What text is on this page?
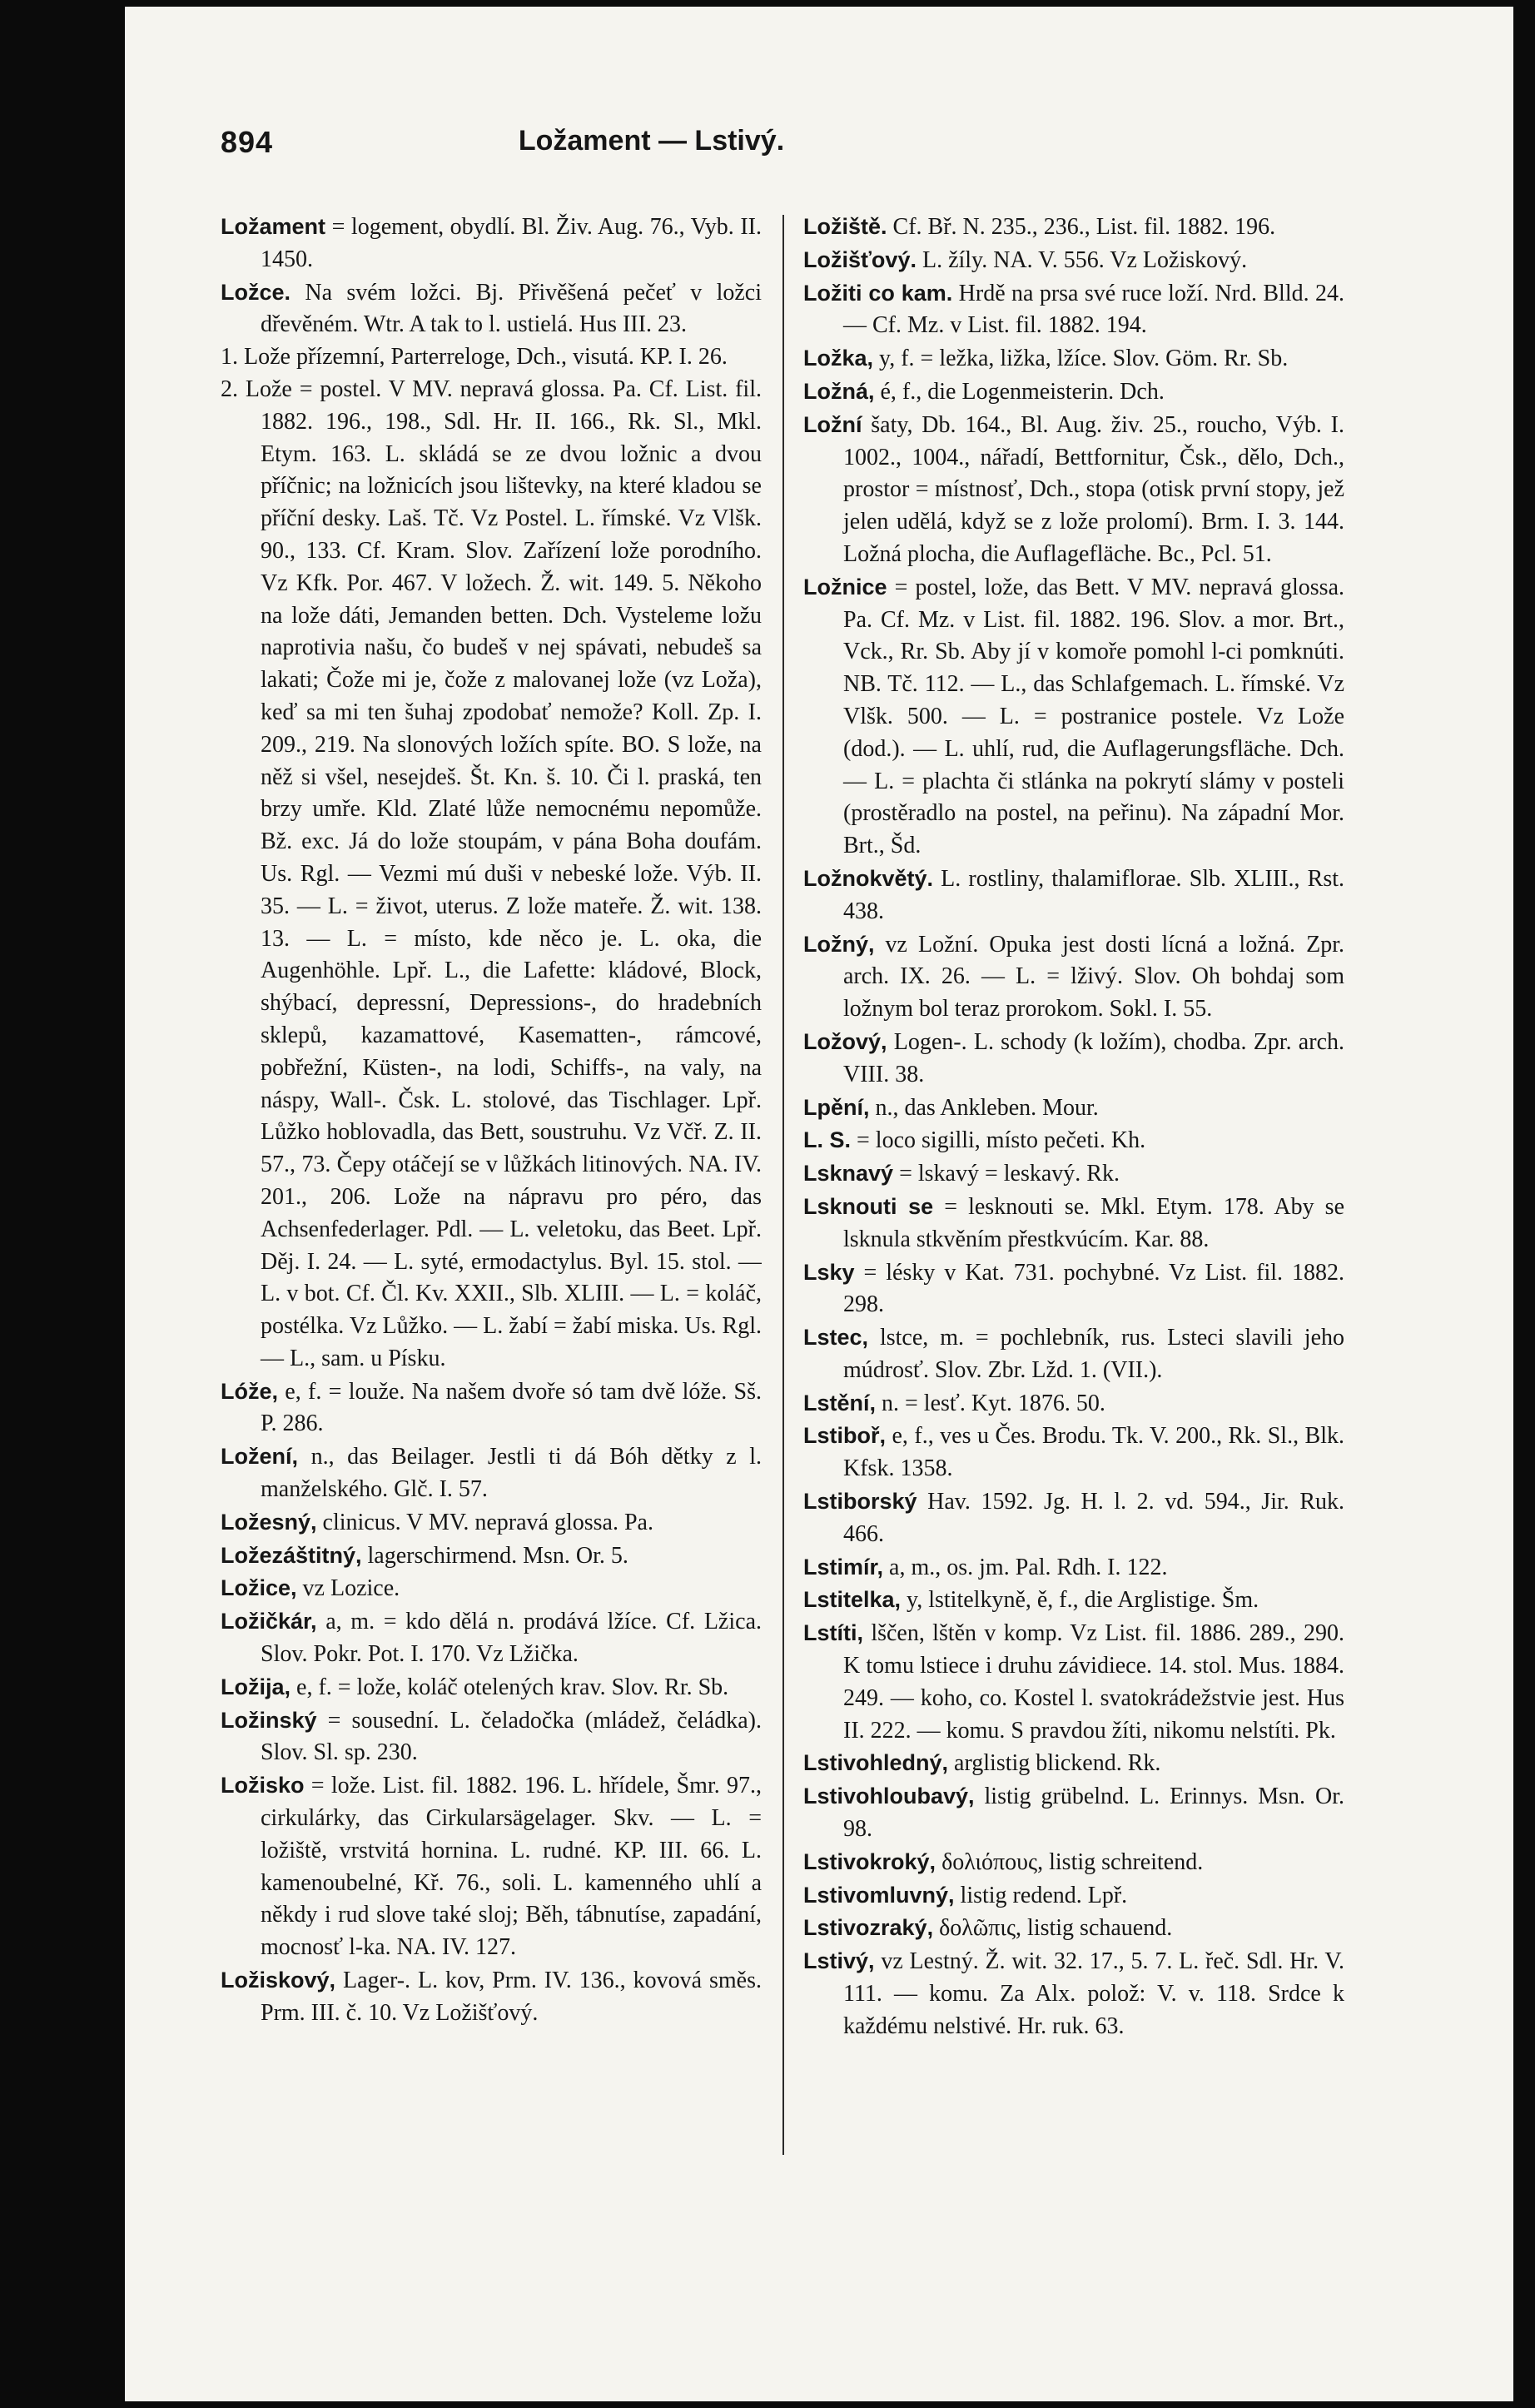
894	Ložament — Lstivý.

Ložament = logement, obydlí. Bl. Živ. Aug. 76., Vyb. II. 1450.

Ložce. Na svém ložci. Bj. Přivěšená pečeť v ložci dřevěném. Wtr. A tak to l. ustielá. Hus III. 23.

1. Lože přízemní, Parterreloge, Dch., visutá. KP. I. 26.

2. Lože = postel. V MV. nepravá glossa. Pa. Cf. List. fil. 1882. 196., 198., Sdl. Hr. II. 166., Rk. Sl., Mkl. Etym. 163. L. skládá se ze dvou ložnic a dvou příčnic; na ložnicích jsou lištevky, na které kladou se příční desky. Laš. Tč. Vz Postel. L. římské. Vz Vlšk. 90., 133. Cf. Kram. Slov. Zařízení lože porodního. Vz Kfk. Por. 467. V ložech. Ž. wit. 149. 5. Někoho na lože dáti, Jemanden betten. Dch. Vysteleme ložu naprotivia našu, čo budeš v nej spávati, nebudeš sa lakati; Čože mi je, čože z malovanej lože (vz Loža), keď sa mi ten šuhaj zpodobať nemože? Koll. Zp. I. 209., 219. Na slonových ložích spíte. BO. S lože, na něž si všel, nesejdeš. Št. Kn. š. 10. Či l. praská, ten brzy umře. Kld. Zlaté lůže nemocnému nepomůže. Bž. exc. Já do lože stoupám, v pána Boha doufám. Us. Rgl. — Vezmi mú duši v nebeské lože. Výb. II. 35. — L. = život, uterus. Z lože mateře. Ž. wit. 138. 13. — L. = místo, kde něco je. L. oka, die Augenhöhle. Lpř. L., die Lafette: kládové, Block, shýbací, depressní, Depressions-, do hradebních sklepů, kazamattové, Kasematten-, rámcové, pobřežní, Küsten-, na lodi, Schiffs-, na valy, na náspy, Wall-. Čsk. L. stolové, das Tischlager. Lpř. Lůžko hoblovadla, das Bett, soustruhu. Vz Včř. Z. II. 57., 73. Čepy otáčejí se v lůžkách litinových. NA. IV. 201., 206. Lože na nápravu pro péro, das Achsenfederlager. Pdl. — L. veletoku, das Beet. Lpř. Děj. I. 24. — L. syté, ermodactylus. Byl. 15. stol. — L. v bot. Cf. Čl. Kv. XXII., Slb. XLIII. — L. = koláč, postélka. Vz Lůžko. — L. žabí = žabí miska. Us. Rgl. — L., sam. u Písku.

Lóže, e, f. = louže. Na našem dvoře só tam dvě lóže. Sš. P. 286.

Ložení, n., das Beilager. Jestli ti dá Bóh dětky z l. manželského. Glč. I. 57.

Ložesný, clinicus. V MV. nepravá glossa. Pa.

Ložezáštitný, lagerschirmend. Msn. Or. 5.

Ložice, vz Lozice.

Ložičkár, a, m. = kdo dělá n. prodává lžíce. Cf. Lžica. Slov. Pokr. Pot. I. 170. Vz Lžička.

Ložija, e, f. = lože, koláč otelených krav. Slov. Rr. Sb.

Ložinský = sousední. L. čeladočka (mládež, čeládka). Slov. Sl. sp. 230.

Ložisko = lože. List. fil. 1882. 196. L. hřídele, Šmr. 97., cirkulárky, das Cirkularsägelager. Skv. — L. = ložiště, vrstvitá hornina. L. rudné. KP. III. 66. L. kamenoubelné, Kř. 76., soli. L. kamenného uhlí a někdy i rud slove také sloj; Běh, tábnutíse, zapadání, mocnosť l-ka. NA. IV. 127.

Ložiskový, Lager-. L. kov, Prm. IV. 136., kovová směs. Prm. III. č. 10. Vz Ložišťový.

Ložiště. Cf. Bř. N. 235., 236., List. fil. 1882. 196.

Ložišťový. L. žíly. NA. V. 556. Vz Ložiskový.

Ložiti co kam. Hrdě na prsa své ruce loží. Nrd. Blld. 24. — Cf. Mz. v List. fil. 1882. 194.

Ložka, y, f. = ležka, ližka, lžíce. Slov. Göm. Rr. Sb.

Ložná, é, f., die Logenmeisterin. Dch.

Ložní šaty, Db. 164., Bl. Aug. živ. 25., roucho, Výb. I. 1002., 1004., nářadí, Bettfornitur, Čsk., dělo, Dch., prostor = místnosť, Dch., stopa (otisk první stopy, jež jelen udělá, když se z lože prolomí). Brm. I. 3. 144. Ložná plocha, die Auflagefläche. Bc., Pcl. 51.

Ložnice = postel, lože, das Bett. V MV. nepravá glossa. Pa. Cf. Mz. v List. fil. 1882. 196. Slov. a mor. Brt., Vck., Rr. Sb. Aby jí v komoře pomohl l-ci pomknúti. NB. Tč. 112. — L., das Schlafgemach. L. římské. Vz Vlšk. 500. — L. = postranice postele. Vz Lože (dod.). — L. uhlí, rud, die Auflagerungsfläche. Dch. — L. = plachta či stlánka na pokrytí slámy v posteli (prostěradlo na postel, na peřinu). Na západní Mor. Brt., Šd.

Ložnokvětý. L. rostliny, thalamiflorae. Slb. XLIII., Rst. 438.

Ložný, vz Ložní. Opuka jest dosti lícná a ložná. Zpr. arch. IX. 26. — L. = lživý. Slov. Oh bohdaj som ložnym bol teraz prorokom. Sokl. I. 55.

Ložový, Logen-. L. schody (k ložím), chodba. Zpr. arch. VIII. 38.

Lpění, n., das Ankleben. Mour.

L. S. = loco sigilli, místo pečeti. Kh.

Lsknavý = lskavý = leskavý. Rk.

Lsknouti se = lesknouti se. Mkl. Etym. 178. Aby se lsknula stkvěním přestkvúcím. Kar. 88.

Lsky = lésky v Kat. 731. pochybné. Vz List. fil. 1882. 298.

Lstec, lstce, m. = pochlebník, rus. Lsteci slavili jeho múdrosť. Slov. Zbr. Lžd. 1. (VII.).

Lstění, n. = lesť. Kyt. 1876. 50.

Lstiboř, e, f., ves u Čes. Brodu. Tk. V. 200., Rk. Sl., Blk. Kfsk. 1358.

Lstiborský Hav. 1592. Jg. H. l. 2. vd. 594., Jir. Ruk. 466.

Lstimír, a, m., os. jm. Pal. Rdh. I. 122.

Lstitelka, y, lstitelkyně, ě, f., die Arglistige. Šm.

Lstíti, lščen, lštěn v komp. Vz List. fil. 1886. 289., 290. K tomu lstiece i druhu závidiece. 14. stol. Mus. 1884. 249. — koho, co. Kostel l. svatokrádežstvie jest. Hus II. 222. — komu. S pravdou žíti, nikomu nelstíti. Pk.

Lstivohledný, arglistig blickend. Rk.

Lstivohloubavý, listig grübelnd. L. Erinnys. Msn. Or. 98.

Lstivokroký, δολιόπους, listig schreitend.

Lstivomluvný, listig redend. Lpř.

Lstivozraký, δολῶπις, listig schauend.

Lstivý, vz Lestný. Ž. wit. 32. 17., 5. 7. L. řeč. Sdl. Hr. V. 111. — komu. Za Alx. polož: V. v. 118. Srdce k každému nelstivé. Hr. ruk. 63.
